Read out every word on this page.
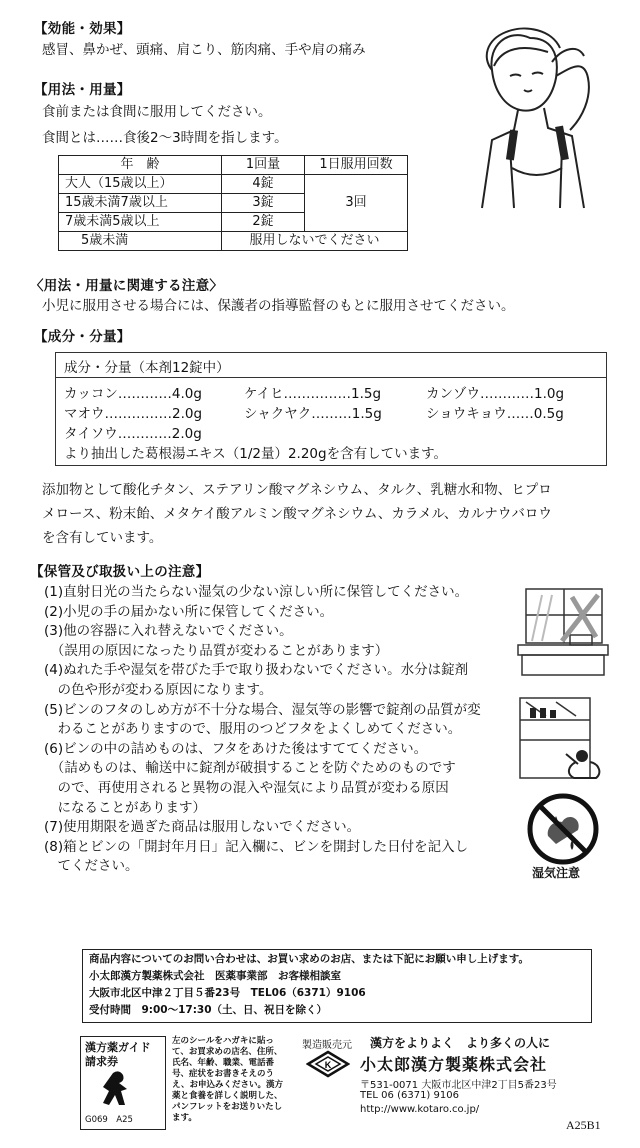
【効能・効果】
感冒、鼻かぜ、頭痛、肩こり、筋肉痛、手や肩の痛み
【用法・用量】
食前または食間に服用してください。
食間とは……食後2〜3時間を指します。
年　齢	1回量	1日服用回数
大人（15歳以上）	4錠	3回
15歳未満7歳以上	3錠	
7歳未満5歳以上	2錠	
5歳未満	服用しないでください	
〈用法・用量に関連する注意〉
小児に服用させる場合には、保護者の指導監督のもとに服用させてください。
【成分・分量】
成分・分量（本剤12錠中）
カッコン…………4.0g	ケイヒ……………1.5g	カンゾウ…………1.0g
マオウ……………2.0g	シャクヤク………1.5g	ショウキョウ……0.5g
タイソウ…………2.0g
より抽出した葛根湯エキス（1/2量）2.20gを含有しています。
添加物として酸化チタン、ステアリン酸マグネシウム、タルク、乳糖水和物、ヒプロ
メロース、粉末飴、メタケイ酸アルミン酸マグネシウム、カラメル、カルナウバロウ
を含有しています。
【保管及び取扱い上の注意】
(1)直射日光の当たらない湿気の少ない涼しい所に保管してください。
(2)小児の手の届かない所に保管してください。
(3)他の容器に入れ替えないでください。
　（誤用の原因になったり品質が変わることがあります）
(4)ぬれた手や湿気を帯びた手で取り扱わないでください。水分は錠剤
　の色や形が変わる原因になります。
(5)ビンのフタのしめ方が不十分な場合、湿気等の影響で錠剤の品質が変
　わることがありますので、服用のつどフタをよくしめてください。
(6)ビンの中の詰めものは、フタをあけた後はすててください。
　（詰めものは、輸送中に錠剤が破損することを防ぐためのものです
　ので、再使用されると異物の混入や湿気により品質が変わる原因
　になることがあります）
(7)使用期限を過ぎた商品は服用しないでください。
(8)箱とビンの「開封年月日」記入欄に、ビンを開封した日付を記入し
　てください。	湿気注意
商品内容についてのお問い合わせは、お買い求めのお店、または下記にお願い申し上げます。
小太郎漢方製薬株式会社　医薬事業部　お客様相談室
大阪市北区中津２丁目５番23号　TEL06（6371）9106
受付時間　9:00〜17:30（土、日、祝日を除く）
漢方薬ガイド
請求券
G069　A25
左のシールをハガキに貼って、お買求めの店名、住所、氏名、年齢、職業、電話番号、症状をお書きそえのうえ、お申込みください。漢方薬と食養を詳しく説明した、パンフレットをお送りいたします。
製造販売元 漢方をよりよく　より多くの人に
K 小太郎漢方製薬株式会社
〒531-0071 大阪市北区中津2丁目5番23号
TEL 06 (6371) 9106
http://www.kotaro.co.jp/
A25B1
